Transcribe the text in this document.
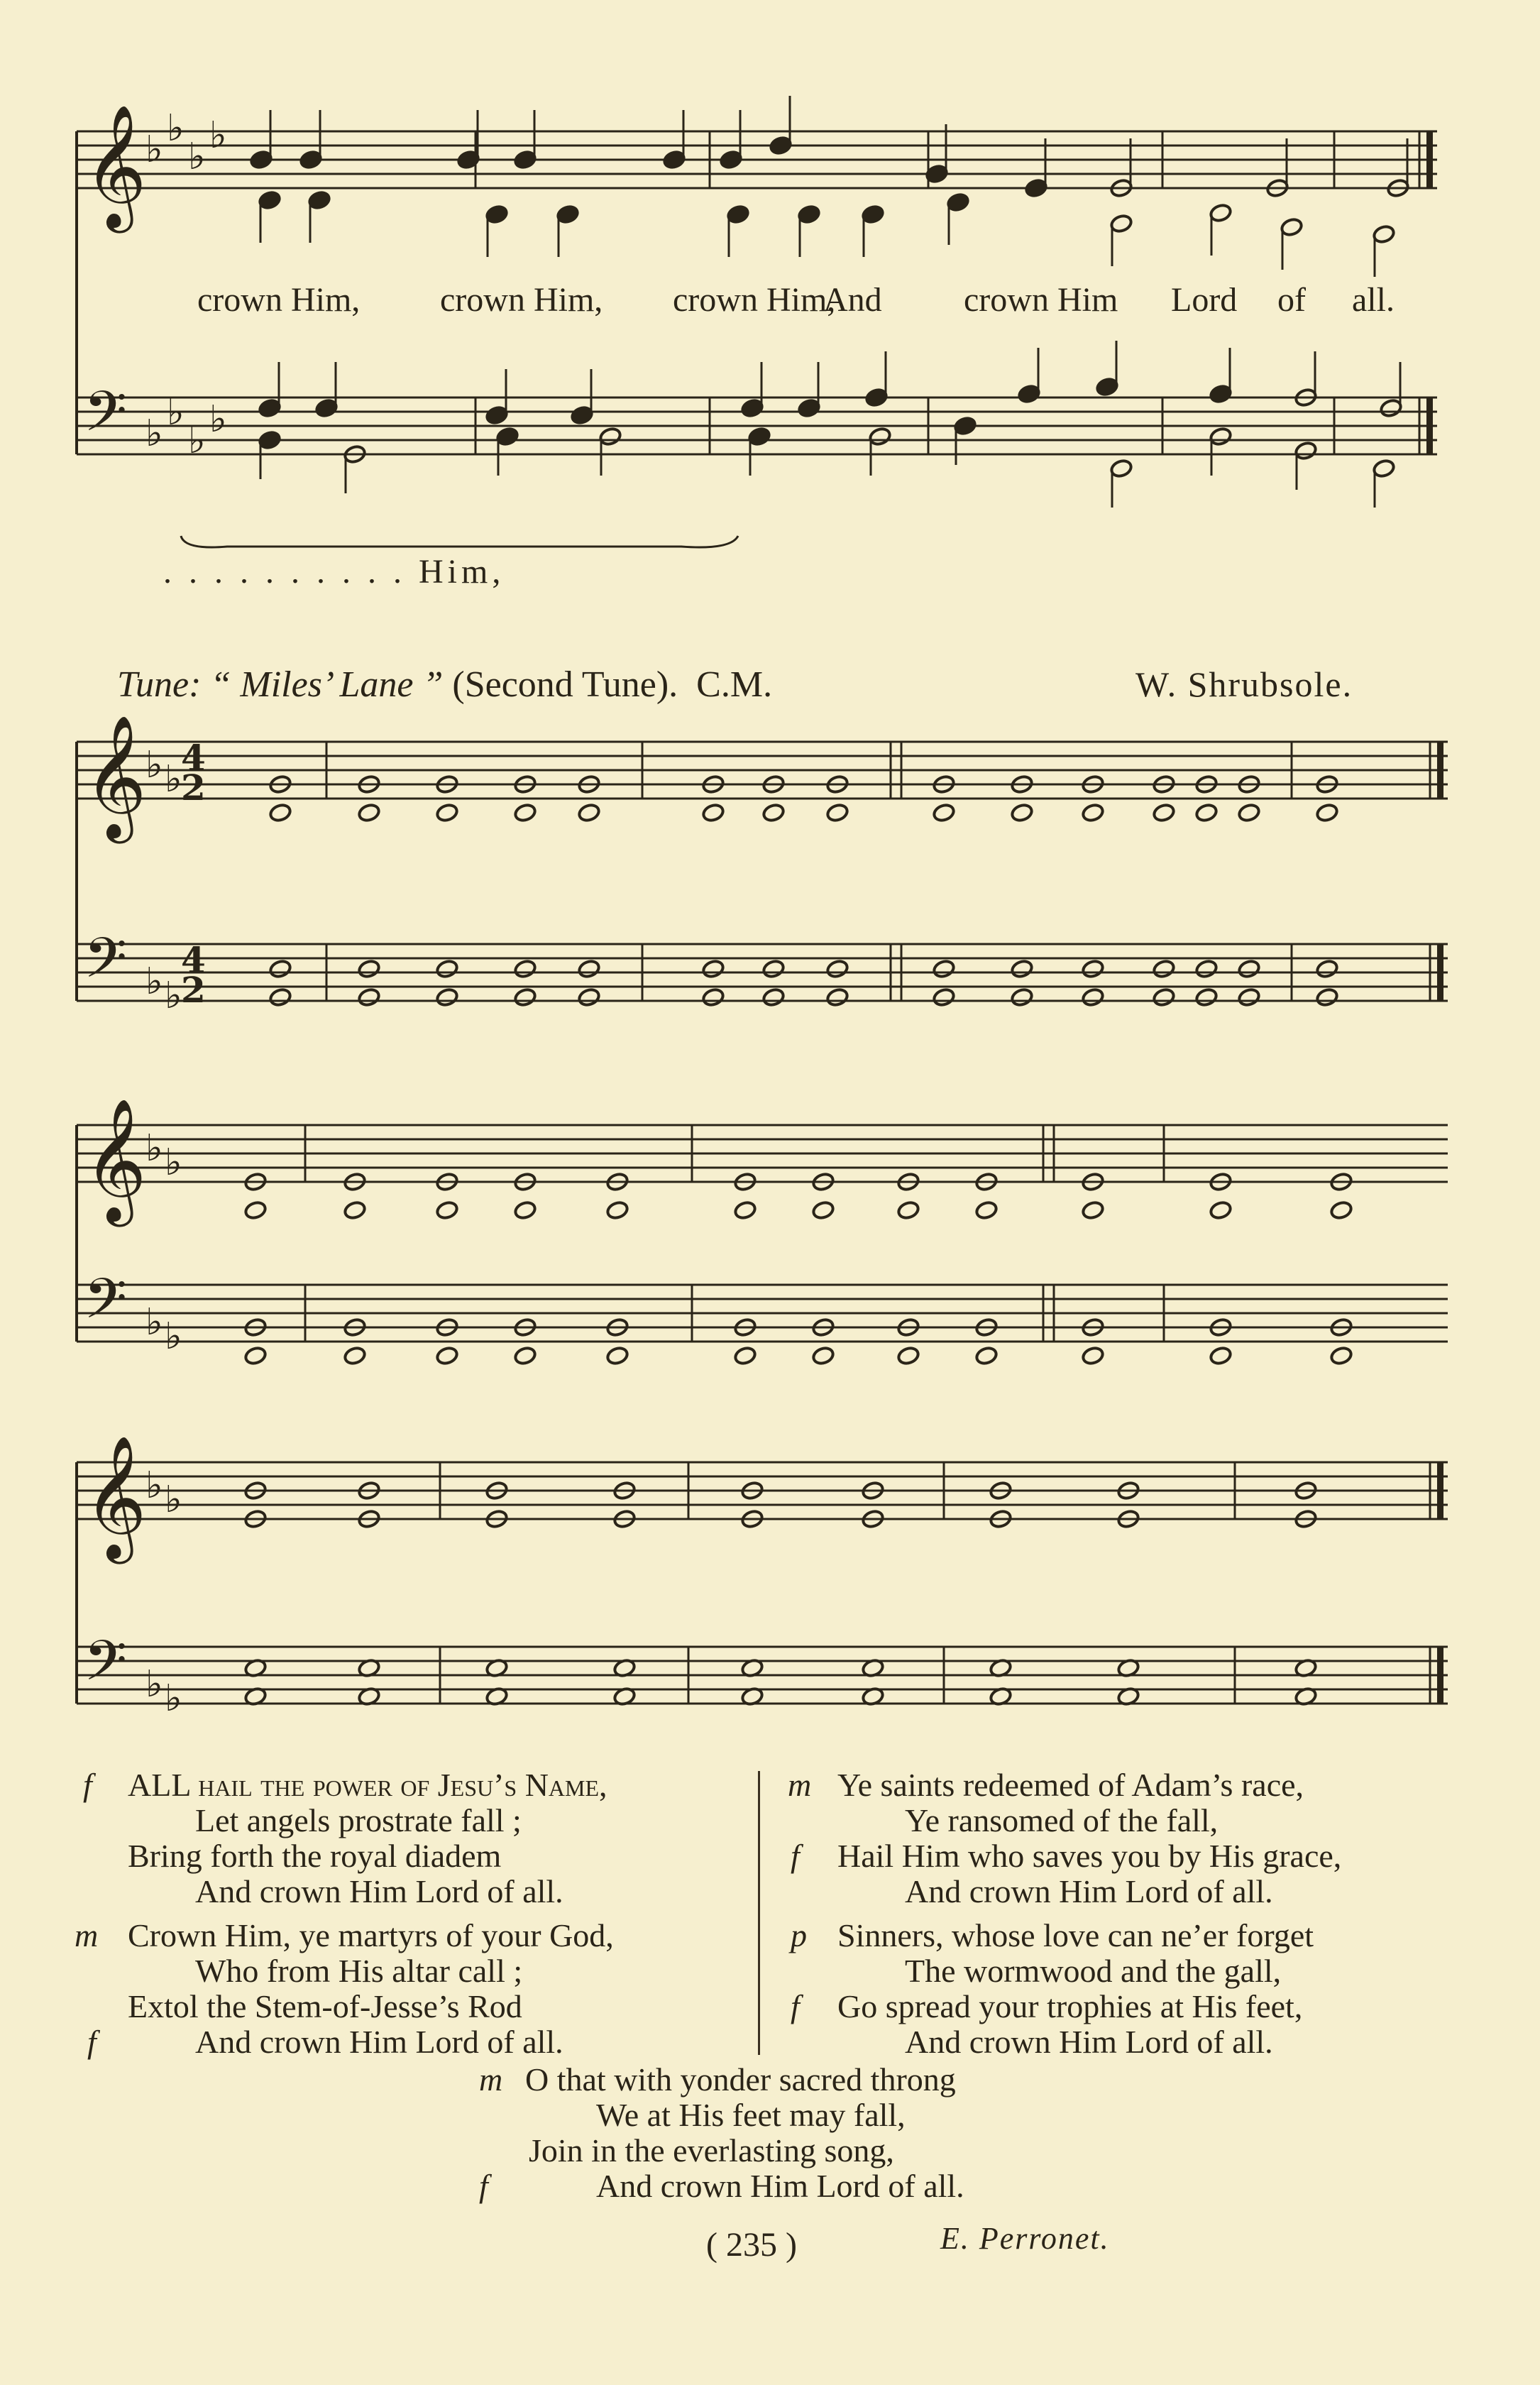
𝄞
𝄢
♭ ♭
♭ ♭
♭ ♭
♭ ♭
𝄞
𝄢
♭ ♭
♭ ♭
4
2
4
2
𝄞
𝄢
♭ ♭
♭ ♭
𝄞
𝄢
♭ ♭
♭ ♭
crown Him, crown Him, crown Him,
And crown Him Lord of all.
. . . . . . . . . . Him,
Tune: “ Miles’ Lane ” (Second Tune). C.M.	W. Shrubsole.
f ALL hail the power of Jesu’s Name,
Let angels prostrate fall ;
Bring forth the royal diadem
And crown Him Lord of all.
m Crown Him, ye martyrs of your God,
Who from His altar call ;
Extol the Stem-of-Jesse’s Rod
f	And crown Him Lord of all.
m Ye saints redeemed of Adam’s race,
Ye ransomed of the fall,
f Hail Him who saves you by His grace,
And crown Him Lord of all.
p Sinners, whose love can ne’er forget
The wormwood and the gall,
f Go spread your trophies at His feet,
And crown Him Lord of all.
m O that with yonder sacred throng
We at His feet may fall,
Join in the everlasting song,
f	And crown Him Lord of all.
( 235 )	E. Perronet.
